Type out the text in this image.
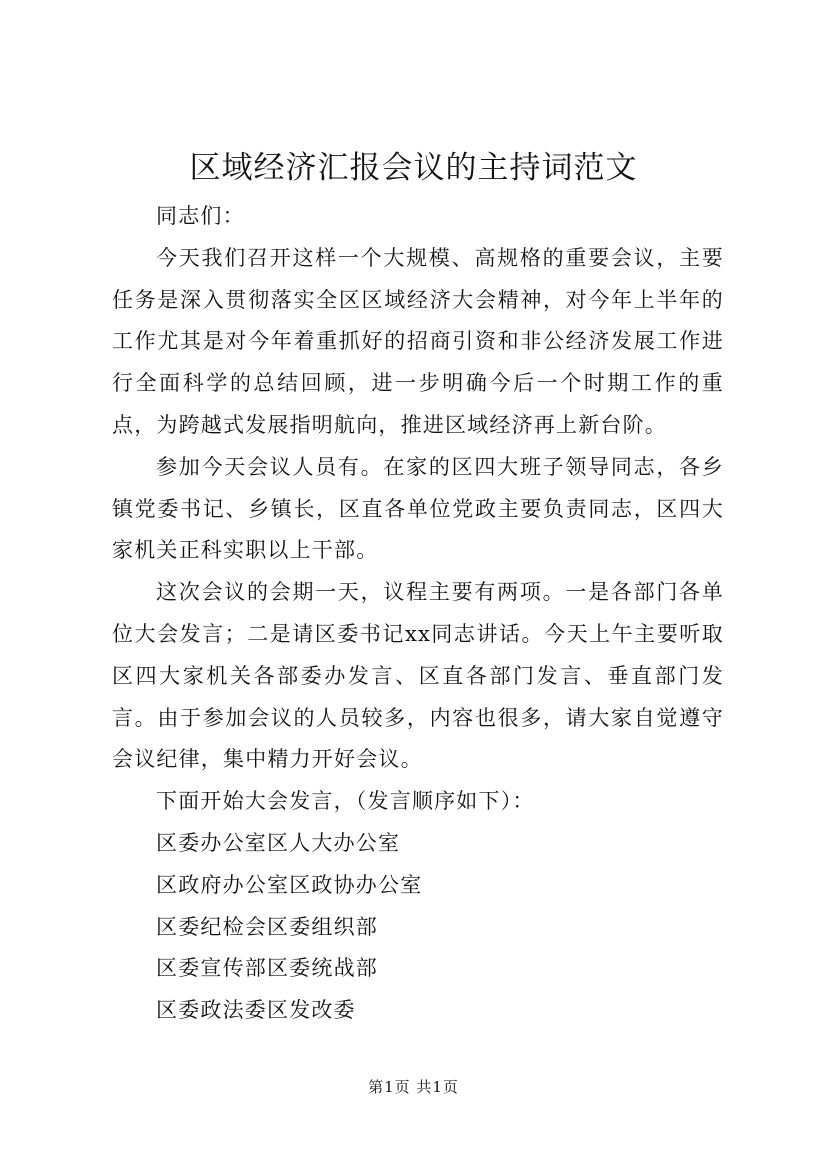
区域经济汇报会议的主持词范文

同志们：

今天我们召开这样一个大规模、高规格的重要会议，主要任务是深入贯彻落实全区区域经济大会精神，对今年上半年的工作尤其是对今年着重抓好的招商引资和非公经济发展工作进行全面科学的总结回顾，进一步明确今后一个时期工作的重点，为跨越式发展指明航向，推进区域经济再上新台阶。

参加今天会议人员有。在家的区四大班子领导同志，各乡镇党委书记、乡镇长，区直各单位党政主要负责同志，区四大家机关正科实职以上干部。

这次会议的会期一天，议程主要有两项。一是各部门各单位大会发言；二是请区委书记xx同志讲话。今天上午主要听取区四大家机关各部委办发言、区直各部门发言、垂直部门发言。由于参加会议的人员较多，内容也很多，请大家自觉遵守会议纪律，集中精力开好会议。

下面开始大会发言，（发言顺序如下）：

区委办公室区人大办公室

区政府办公室区政协办公室

区委纪检会区委组织部

区委宣传部区委统战部

区委政法委区发改委

第1页 共1页
